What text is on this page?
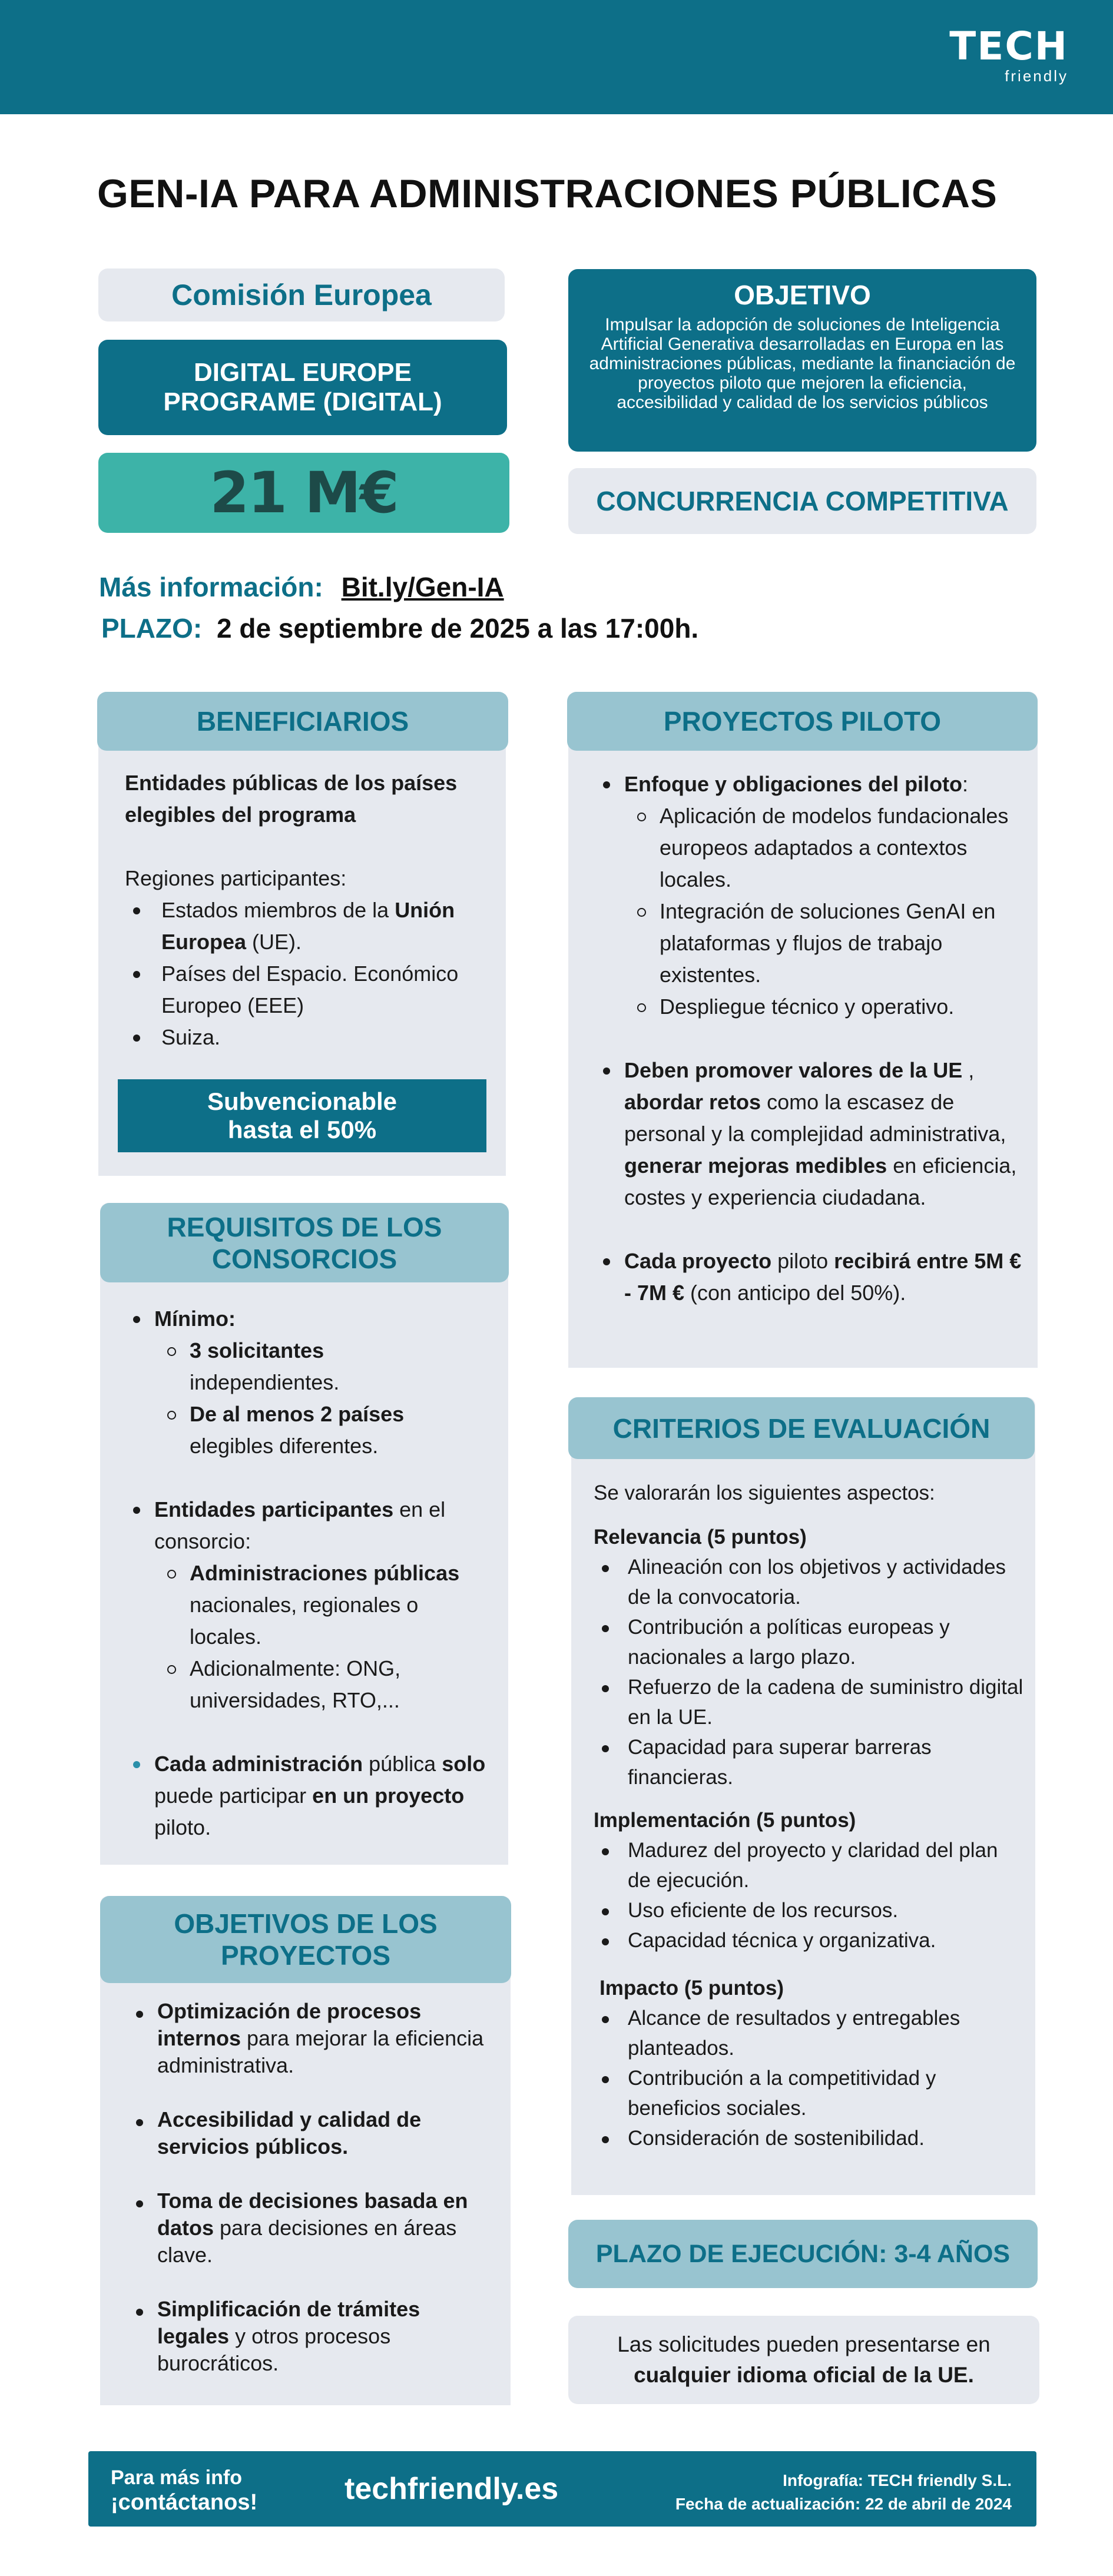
TECH
friendly
GEN-IA PARA ADMINISTRACIONES PÚBLICAS
Comisión Europea
DIGITAL EUROPE
PROGRAME (DIGITAL)
21 M€
OBJETIVO
Impulsar la adopción de soluciones de Inteligencia Artificial Generativa desarrolladas en Europa en las administraciones públicas, mediante la financiación de proyectos piloto que mejoren la eficiencia, accesibilidad y calidad de los servicios públicos
CONCURRENCIA COMPETITIVA
Más información: Bit.ly/Gen-IA
PLAZO: 2 de septiembre de 2025 a las 17:00h.
BENEFICIARIOS
Entidades públicas de los países
elegibles del programa
Regiones participantes:
Estados miembros de la Unión Europea (UE).
Países del Espacio. Económico Europeo (EEE)
Suiza.
Subvencionable
hasta el 50%
REQUISITOS DE LOS
CONSORCIOS
Mínimo:
3 solicitantes
independientes.
De al menos 2 países
elegibles diferentes.
Entidades participantes en el consorcio:
Administraciones públicas nacionales, regionales o locales.
Adicionalmente: ONG, universidades, RTO,...
Cada administración pública solo puede participar en un proyecto piloto.
OBJETIVOS DE LOS
PROYECTOS
Optimización de procesos internos para mejorar la eficiencia administrativa.
Accesibilidad y calidad de servicios públicos.
Toma de decisiones basada en datos para decisiones en áreas clave.
Simplificación de trámites legales y otros procesos burocráticos.
PROYECTOS PILOTO
Enfoque y obligaciones del piloto:
Aplicación de modelos fundacionales europeos adaptados a contextos locales.
Integración de soluciones GenAI en plataformas y flujos de trabajo existentes.
Despliegue técnico y operativo.
Deben promover valores de la UE , abordar retos como la escasez de personal y la complejidad administrativa, generar mejoras medibles en eficiencia, costes y experiencia ciudadana.
Cada proyecto piloto recibirá entre 5M € - 7M € (con anticipo del 50%).
CRITERIOS DE EVALUACIÓN
Se valorarán los siguientes aspectos:
Relevancia (5 puntos)
Alineación con los objetivos y actividades de la convocatoria.
Contribución a políticas europeas y nacionales a largo plazo.
Refuerzo de la cadena de suministro digital en la UE.
Capacidad para superar barreras financieras.
Implementación (5 puntos)
Madurez del proyecto y claridad del plan de ejecución.
Uso eficiente de los recursos.
Capacidad técnica y organizativa.
Impacto (5 puntos)
Alcance de resultados y entregables planteados.
Contribución a la competitividad y beneficios sociales.
Consideración de sostenibilidad.
PLAZO DE EJECUCIÓN: 3-4 AÑOS
Las solicitudes pueden presentarse en
cualquier idioma oficial de la UE.
Para más info
¡contáctanos!	techfriendly.es	Infografía: TECH friendly S.L.
Fecha de actualización: 22 de abril de 2024
